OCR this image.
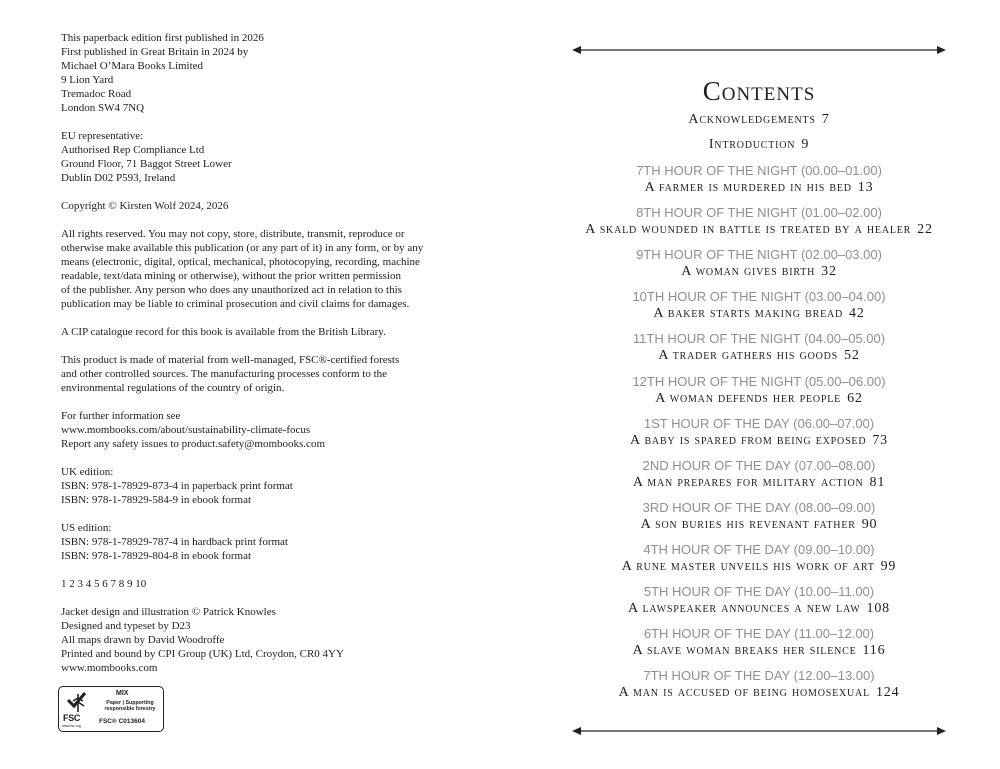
This paperback edition first published in 2026
First published in Great Britain in 2024 by
Michael O’Mara Books Limited
9 Lion Yard
Tremadoc Road
London SW4 7NQ
EU representative:
Authorised Rep Compliance Ltd
Ground Floor, 71 Baggot Street Lower
Dublin D02 P593, Ireland
Copyright © Kirsten Wolf 2024, 2026
All rights reserved. You may not copy, store, distribute, transmit, reproduce or
otherwise make available this publication (or any part of it) in any form, or by any
means (electronic, digital, optical, mechanical, photocopying, recording, machine
readable, text/data mining or otherwise), without the prior written permission
of the publisher. Any person who does any unauthorized act in relation to this
publication may be liable to criminal prosecution and civil claims for damages.
A CIP catalogue record for this book is available from the British Library.
This product is made of material from well-managed, FSC®-certified forests
and other controlled sources. The manufacturing processes conform to the
environmental regulations of the country of origin.
For further information see
www.mombooks.com/about/sustainability-climate-focus
Report any safety issues to product.safety@mombooks.com
UK edition:
ISBN: 978-1-78929-873-4 in paperback print format
ISBN: 978-1-78929-584-9 in ebook format
US edition:
ISBN: 978-1-78929-787-4 in hardback print format
ISBN: 978-1-78929-804-8 in ebook format
1 2 3 4 5 6 7 8 9 10
Jacket design and illustration © Patrick Knowles
Designed and typeset by D23
All maps drawn by David Woodroffe
Printed and bound by CPI Group (UK) Ltd, Croydon, CR0 4YY
www.mombooks.com
FSC
www.fsc.org
MIX
Paper | Supporting responsible forestry
FSC® C013604
Contents
Acknowledgements 7
Introduction 9
7TH HOUR OF THE NIGHT (00.00–01.00)
A farmer is murdered in his bed 13
8TH HOUR OF THE NIGHT (01.00–02.00)
A skald wounded in battle is treated by a healer 22
9TH HOUR OF THE NIGHT (02.00–03.00)
A woman gives birth 32
10TH HOUR OF THE NIGHT (03.00–04.00)
A baker starts making bread 42
11TH HOUR OF THE NIGHT (04.00–05.00)
A trader gathers his goods 52
12TH HOUR OF THE NIGHT (05.00–06.00)
A woman defends her people 62
1ST HOUR OF THE DAY (06.00–07.00)
A baby is spared from being exposed 73
2ND HOUR OF THE DAY (07.00–08.00)
A man prepares for military action 81
3RD HOUR OF THE DAY (08.00–09.00)
A son buries his revenant father 90
4TH HOUR OF THE DAY (09.00–10.00)
A rune master unveils his work of art 99
5TH HOUR OF THE DAY (10.00–11.00)
A lawspeaker announces a new law 108
6TH HOUR OF THE DAY (11.00–12.00)
A slave woman breaks her silence 116
7TH HOUR OF THE DAY (12.00–13.00)
A man is accused of being homosexual 124
